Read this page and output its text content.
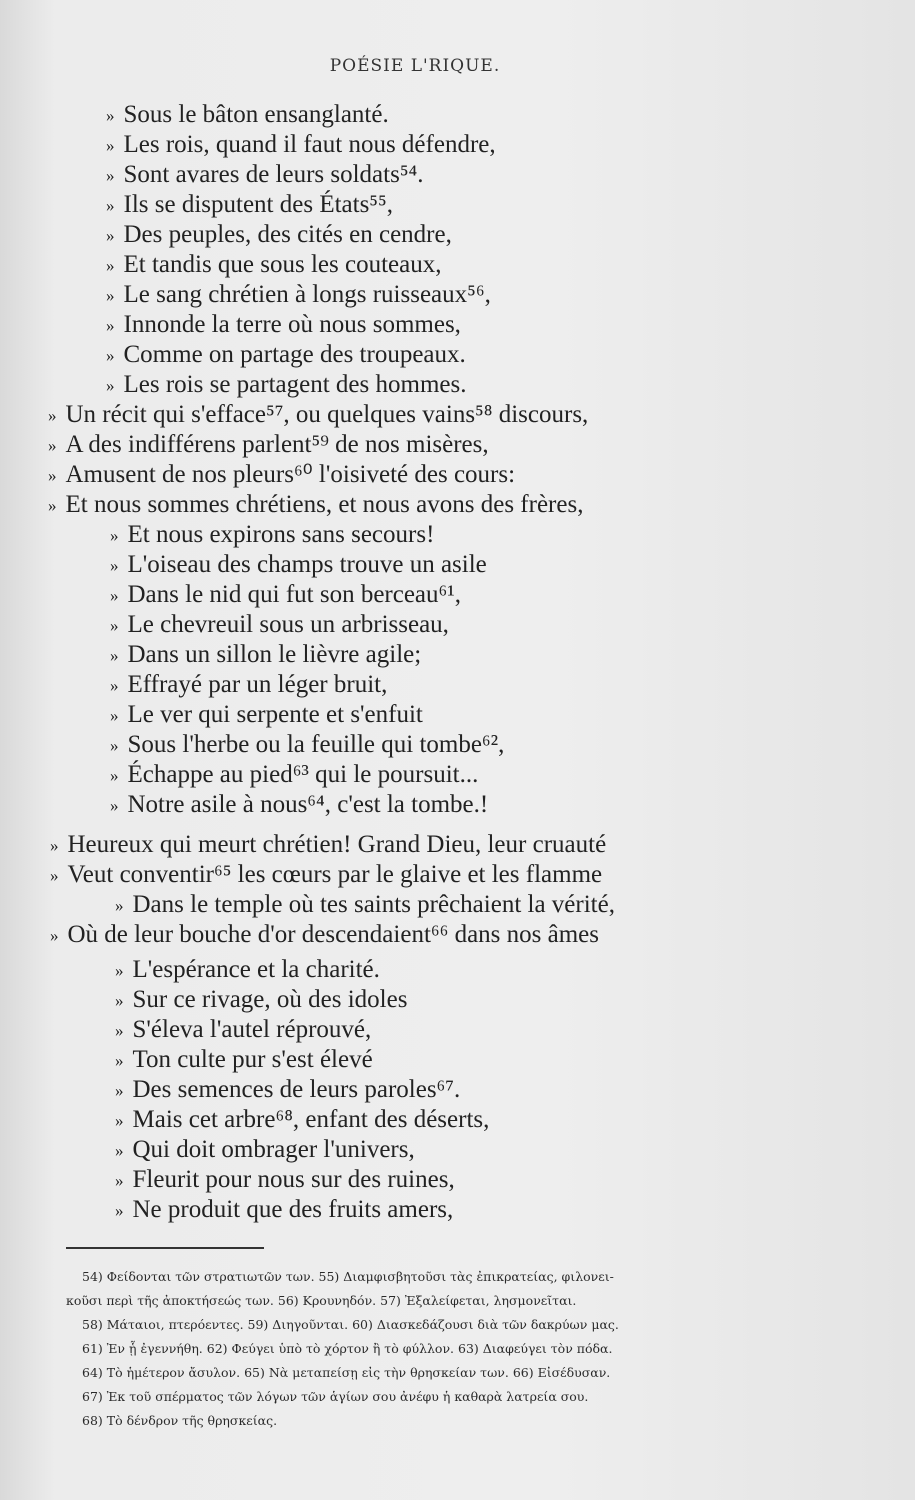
POÉSIE L'RIQUE.
» Sous le bâton ensanglanté.
» Les rois, quand il faut nous défendre,
» Sont avares de leurs soldats⁵⁴.
» Ils se disputent des États⁵⁵,
» Des peuples, des cités en cendre,
» Et tandis que sous les couteaux,
» Le sang chrétien à longs ruisseaux⁵⁶,
» Innonde la terre où nous sommes,
» Comme on partage des troupeaux.
» Les rois se partagent des hommes.
» Un récit qui s'efface⁵⁷, ou quelques vains⁵⁸ discours,
» A des indifférens parlent⁵⁹ de nos misères,
» Amusent de nos pleurs⁶⁰ l'oisiveté des cours:
» Et nous sommes chrétiens, et nous avons des frères,
» Et nous expirons sans secours!
» L'oiseau des champs trouve un asile
» Dans le nid qui fut son berceau⁶¹,
» Le chevreuil sous un arbrisseau,
» Dans un sillon le lièvre agile;
» Effrayé par un léger bruit,
» Le ver qui serpente et s'enfuit
» Sous l'herbe ou la feuille qui tombe⁶²,
» Échappe au pied⁶³ qui le poursuit...
» Notre asile à nous⁶⁴, c'est la tombe.!
» Heureux qui meurt chrétien! Grand Dieu, leur cruauté
» Veut conventir⁶⁵ les cœurs par le glaive et les flamme
» Dans le temple où tes saints prêchaient la vérité,
» Où de leur bouche d'or descendaient⁶⁶ dans nos âmes
» L'espérance et la charité.
» Sur ce rivage, où des idoles
» S'éleva l'autel réprouvé,
» Ton culte pur s'est élevé
» Des semences de leurs paroles⁶⁷.
» Mais cet arbre⁶⁸, enfant des déserts,
» Qui doit ombrager l'univers,
» Fleurit pour nous sur des ruines,
» Ne produit que des fruits amers,
54) Φείδονται τῶν στρατιωτῶν των. 55) Διαμφισβητοῦσι τὰς ἐπικρατείας, φιλονει-
κοῦσι περὶ τῆς ἀποκτήσεώς των. 56) Κρουνηδόν. 57) Ἐξαλείφεται, λησμονεῖται.
58) Μάταιοι, πτερόεντες. 59) Διηγοῦνται. 60) Διασκεδάζουσι διὰ τῶν δακρύων μας.
61) Ἐν ᾗ ἐγεννήθη. 62) Φεύγει ὑπὸ τὸ χόρτον ἢ τὸ φύλλον. 63) Διαφεύγει τὸν πόδα.
64) Τὸ ἡμέτερον ἄσυλον. 65) Νὰ μεταπείσῃ εἰς τὴν θρησκείαν των. 66) Εἰσέδυσαν.
67) Ἐκ τοῦ σπέρματος τῶν λόγων τῶν ἁγίων σου ἀνέφυ ἡ καθαρὰ λατρεία σου.
68) Τὸ δένδρον τῆς θρησκείας.
